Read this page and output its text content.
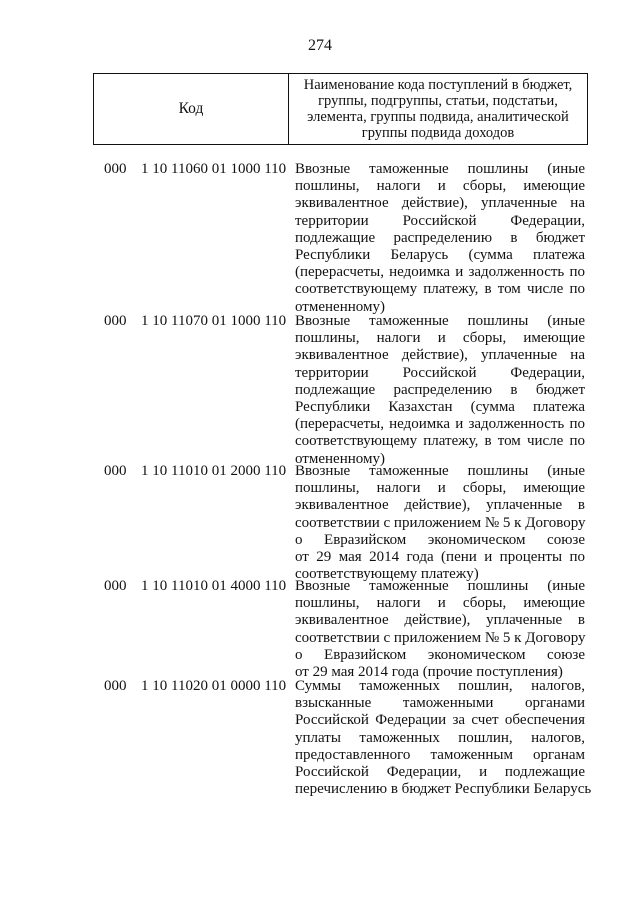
274
Код
Наименование кода поступлений в бюджет,
группы, подгруппы, статьи, подстатьи,
элемента, группы подвида, аналитической
группы подвида доходов
000 1 10 11060 01 1000 110 Ввозные таможенные пошлины (иные
пошлины, налоги и сборы, имеющие
эквивалентное действие), уплаченные на
территории Российской Федерации,
подлежащие распределению в бюджет
Республики Беларусь (сумма платежа
(перерасчеты, недоимка и задолженность по
соответствующему платежу, в том числе по
отмененному)
000 1 10 11070 01 1000 110 Ввозные таможенные пошлины (иные
пошлины, налоги и сборы, имеющие
эквивалентное действие), уплаченные на
территории Российской Федерации,
подлежащие распределению в бюджет
Республики Казахстан (сумма платежа
(перерасчеты, недоимка и задолженность по
соответствующему платежу, в том числе по
отмененному)
000 1 10 11010 01 2000 110 Ввозные таможенные пошлины (иные
пошлины, налоги и сборы, имеющие
эквивалентное действие), уплаченные в
соответствии с приложением № 5 к Договору
о Евразийском экономическом союзе
от 29 мая 2014 года (пени и проценты по
соответствующему платежу)
000 1 10 11010 01 4000 110 Ввозные таможенные пошлины (иные
пошлины, налоги и сборы, имеющие
эквивалентное действие), уплаченные в
соответствии с приложением № 5 к Договору
о Евразийском экономическом союзе
от 29 мая 2014 года (прочие поступления)
000 1 10 11020 01 0000 110 Суммы таможенных пошлин, налогов,
взысканные таможенными органами
Российской Федерации за счет обеспечения
уплаты таможенных пошлин, налогов,
предоставленного таможенным органам
Российской Федерации, и подлежащие
перечислению в бюджет Республики Беларусь
